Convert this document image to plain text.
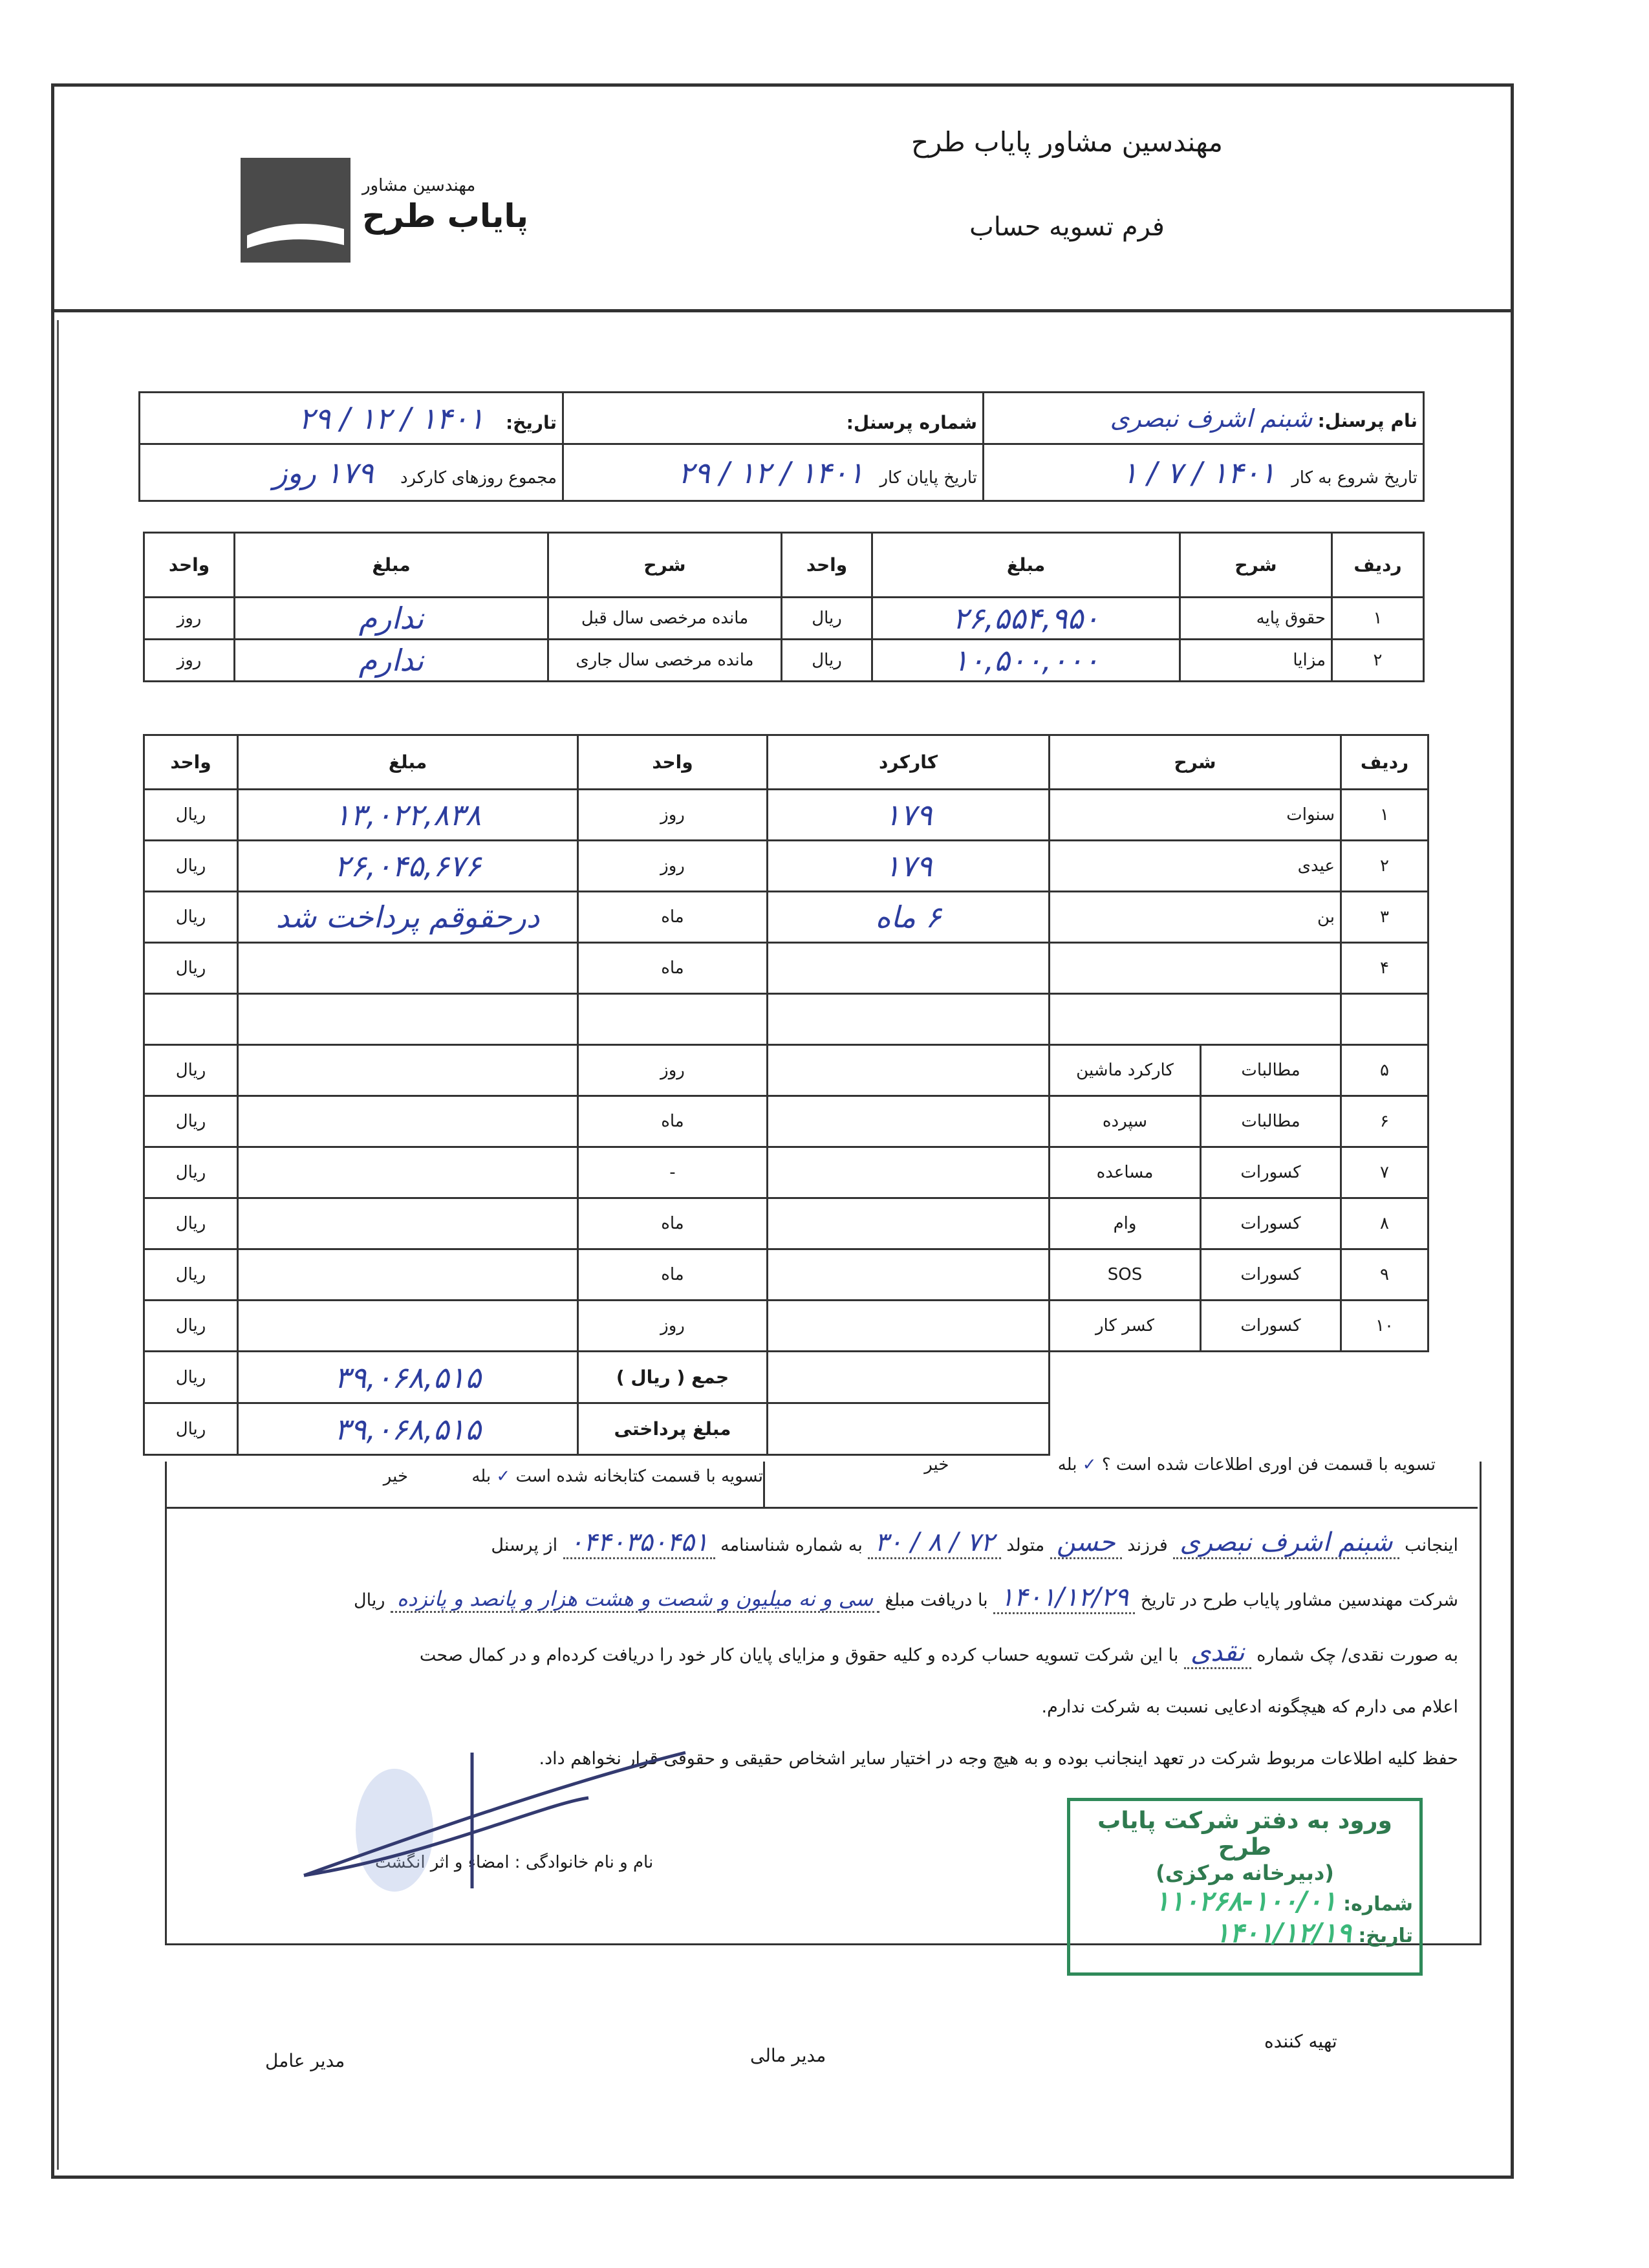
مهندسین مشاور
پایاب طرح
مهندسین مشاور پایاب طرح
فرم تسویه حساب
نام پرسنل: شبنم اشرف نبصری	شماره پرسنل:	تاریخ:    ۱۴۰۱ / ۱۲ / ۲۹
تاریخ شروع به کار   ۱۴۰۱ / ۷ / ۱	تاریخ پایان کار   ۱۴۰۱ / ۱۲ / ۲۹	مجموع روزهای کارکرد     ۱۷۹ روز
ردیف	شرح	مبلغ	واحد	شرح	مبلغ	واحد
۱	حقوق پایه	۲۶,۵۵۴,۹۵۰	ریال	مانده مرخصی سال قبل	ندارم	روز
۲	مزایا	۱۰,۵۰۰,۰۰۰	ریال	مانده مرخصی سال جاری	ندارم	روز
ردیف	شرح		کارکرد	واحد	مبلغ	واحد
۱	سنوات		۱۷۹	روز	۱۳,۰۲۲,۸۳۸	ریال
۲	عیدی		۱۷۹	روز	۲۶,۰۴۵,۶۷۶	ریال
۳	بن		۶ ماه	ماه	درحقوقم پرداخت شد	ریال
۴				ماه		ریال

۵	مطالبات	کارکرد ماشین		روز		ریال
۶	مطالبات	سپرده		ماه		ریال
۷	کسورات	مساعده		-		ریال
۸	کسورات	وام		ماه		ریال
۹	کسورات	SOS		ماه		ریال
۱۰	کسورات	کسر کار		روز		ریال
				جمع ( ریال )	۳۹,۰۶۸,۵۱۵	ریال
				مبلغ پرداختی	۳۹,۰۶۸,۵۱۵	ریال
تسویه با قسمت فن اوری اطلاعات شده است ؟ ✓ بله خیر
تسویه با قسمت کتابخانه شده است ✓ بله خیر
اینجانب شبنم اشرف نبصری فرزند حسن متولد ۷۲ / ۸ / ۳۰ به شماره شناسنامه ۰۴۴۰۳۵۰۴۵۱ از پرسنل
شرکت مهندسین مشاور پایاب طرح در تاریخ ۱۴۰۱/۱۲/۲۹ با دریافت مبلغ سی و نه میلیون و شصت و هشت هزار و پانصد و پانزده ریال
به صورت نقدی/ چک شماره نقدی با این شرکت تسویه حساب کرده و کلیه حقوق و مزایای پایان کار خود را دریافت کرده‌ام و در کمال صحت
اعلام می دارم که هیچگونه ادعایی نسبت به شرکت ندارم.
حفظ کلیه اطلاعات مربوط شرکت در تعهد اینجانب بوده و به هیچ وجه در اختیار سایر اشخاص حقیقی و حقوقی قرار نخواهم داد.
نام و نام خانوادگی : امضاء و اثر انگشت
ورود به دفتر شرکت پایاب طرح
(دبیرخانه مرکزی)
شماره: ۱۰۰/۰۱-۱۱۰۲۶۸
تاریخ: ۱۴۰۱/۱۲/۱۹
تهیه کننده
مدیر مالی
مدیر عامل
